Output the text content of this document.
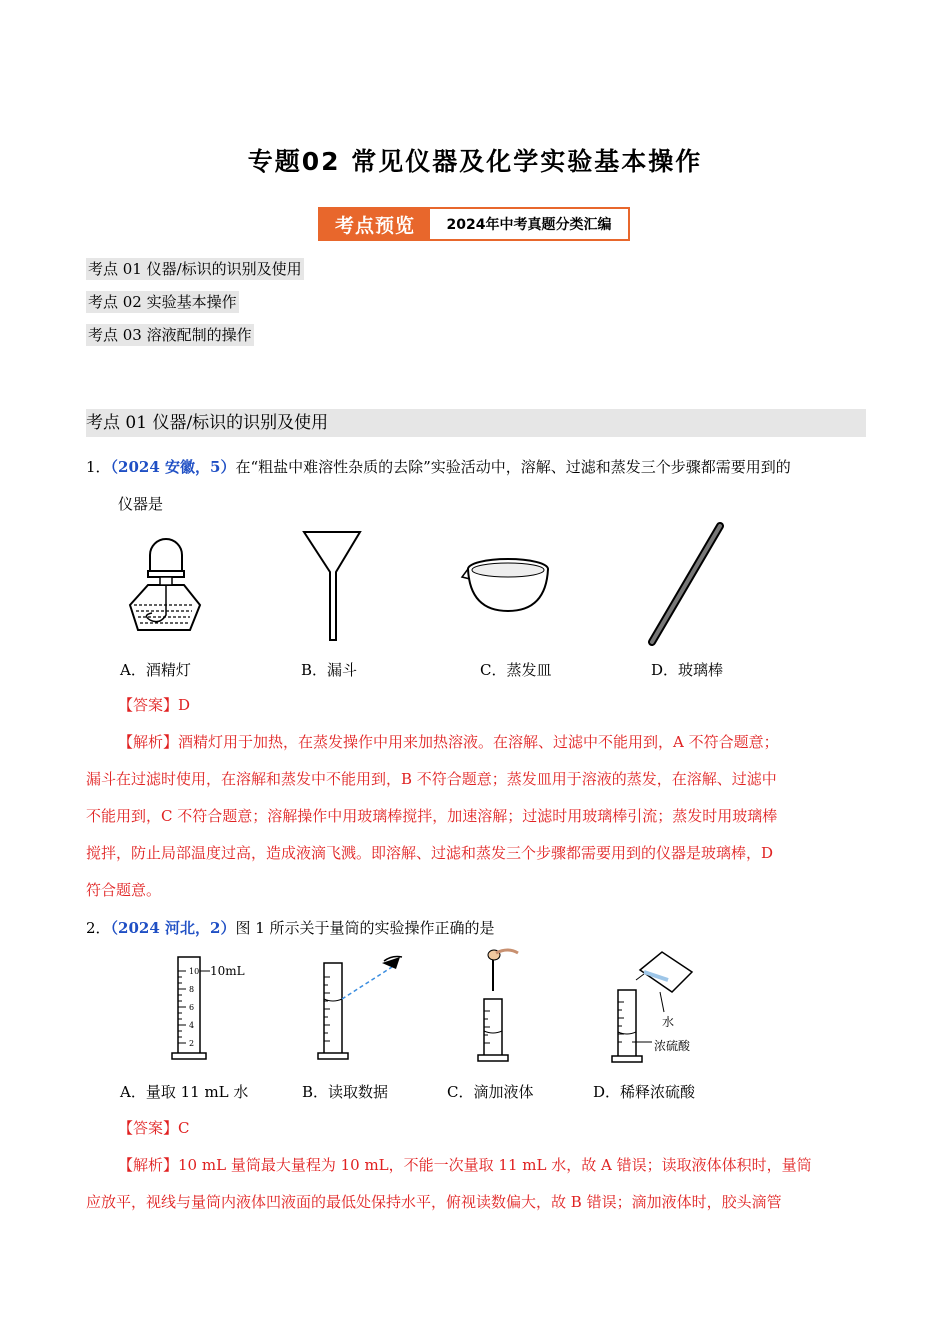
专题02 常见仪器及化学实验基本操作
考点预览	2024年中考真题分类汇编
考点 01 仪器/标识的识别及使用
考点 02 实验基本操作
考点 03 溶液配制的操作
考点 01 仪器/标识的识别及使用
1．（2024 安徽，5）在“粗盐中难溶性杂质的去除”实验活动中，溶解、过滤和蒸发三个步骤都需要用到的
仪器是
A．酒精灯	B．漏斗	C．蒸发皿	D．玻璃棒
【答案】D
【解析】酒精灯用于加热，在蒸发操作中用来加热溶液。在溶解、过滤中不能用到，A 不符合题意；
漏斗在过滤时使用，在溶解和蒸发中不能用到，B 不符合题意；蒸发皿用于溶液的蒸发，在溶解、过滤中
不能用到，C 不符合题意；溶解操作中用玻璃棒搅拌，加速溶解；过滤时用玻璃棒引流；蒸发时用玻璃棒
搅拌，防止局部温度过高，造成液滴飞溅。即溶解、过滤和蒸发三个步骤都需要用到的仪器是玻璃棒，D
符合题意。
2．（2024 河北，2）图 1 所示关于量筒的实验操作正确的是
10
8
6
4
2
10mL
水
浓硫酸
A．量取 11 mL 水	B．读取数据	C．滴加液体	D．稀释浓硫酸
【答案】C
【解析】10 mL 量筒最大量程为 10 mL，不能一次量取 11 mL 水，故 A 错误；读取液体体积时，量筒
应放平，视线与量筒内液体凹液面的最低处保持水平，俯视读数偏大，故 B 错误；滴加液体时，胶头滴管
